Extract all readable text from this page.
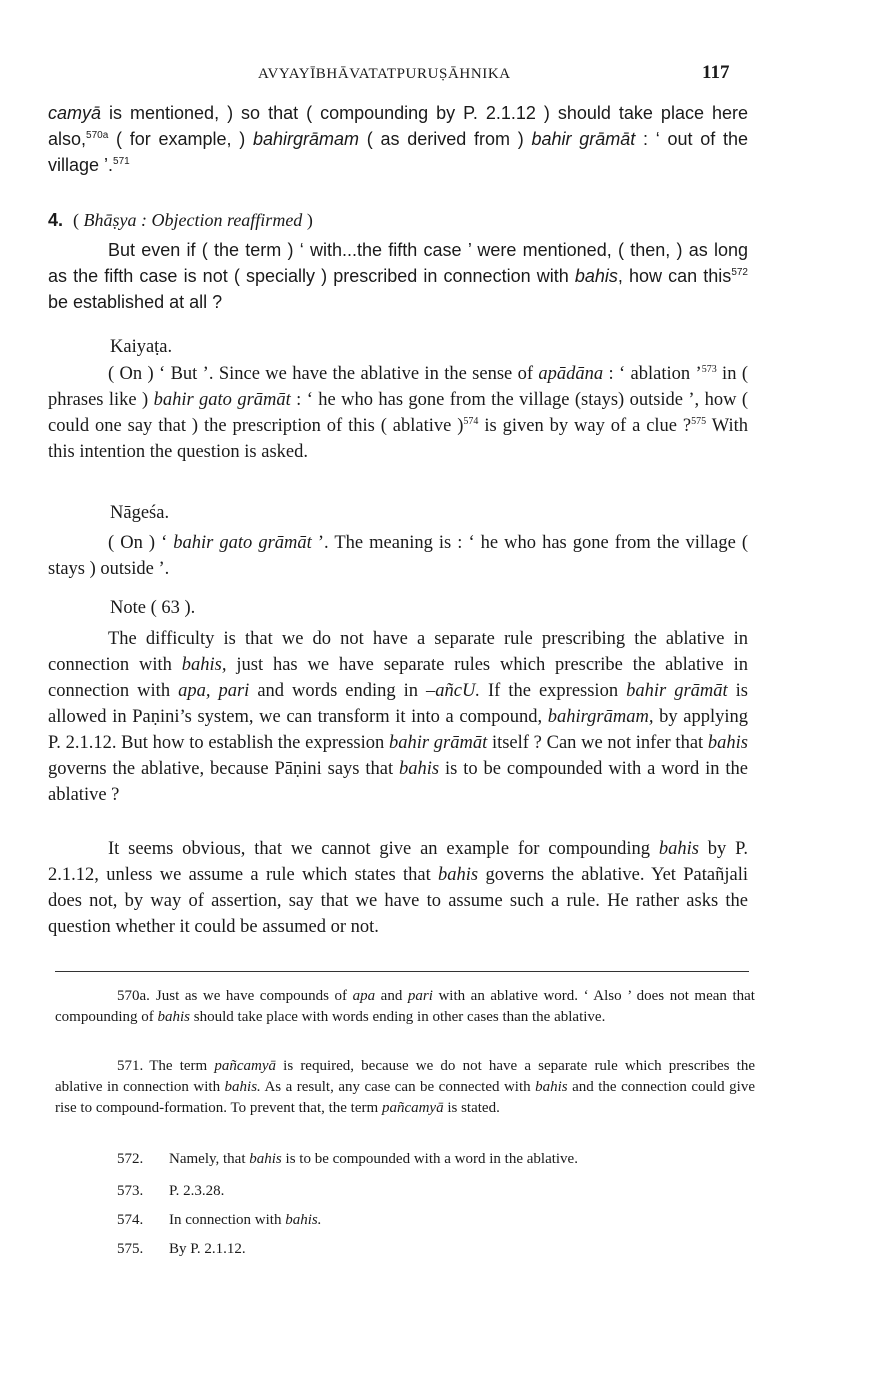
AVYAYĪBHĀVATATPURUṢĀHNIKA	117

camyā is mentioned, ) so that ( compounding by P. 2.1.12 ) should take place here also,$^{570a}$ ( for example, ) bahirgrāmam ( as derived from ) bahir grāmāt : ‘ out of the village ’.$^{571}$

4. ( Bhāṣya : Objection reaffirmed )

But even if ( the term ) ‘ with...the fifth case ’ were mentioned, ( then, ) as long as the fifth case is not ( specially ) prescribed in connection with bahis, how can this$^{572}$ be established at all ?

Kaiyaṭa.

( On ) ‘ But ’. Since we have the ablative in the sense of apādāna : ‘ ablation ’$^{573}$ in ( phrases like ) bahir gato grāmāt : ‘ he who has gone from the village (stays) outside ’, how ( could one say that ) the prescription of this ( ablative )$^{574}$ is given by way of a clue ?$^{575}$ With this intention the question is asked.

Nāgeśa.

( On ) ‘ bahir gato grāmāt ’. The meaning is : ‘ he who has gone from the village ( stays ) outside ’.

Note ( 63 ).

The difficulty is that we do not have a separate rule prescribing the ablative in connection with bahis, just has we have separate rules which prescribe the ablative in connection with apa, pari and words ending in –añcU. If the expression bahir grāmāt is allowed in Paṇini’s system, we can transform it into a compound, bahirgrāmam, by applying P. 2.1.12. But how to establish the expression bahir grāmāt itself ? Can we not infer that bahis governs the ablative, because Pāṇini says that bahis is to be compounded with a word in the ablative ?

It seems obvious, that we cannot give an example for compounding bahis by P. 2.1.12, unless we assume a rule which states that bahis governs the ablative. Yet Patañjali does not, by way of assertion, say that we have to assume such a rule. He rather asks the question whether it could be assumed or not.

570a. Just as we have compounds of apa and pari with an ablative word. ‘ Also ’ does not mean that compounding of bahis should take place with words ending in other cases than the ablative.

571. The term pañcamyā is required, because we do not have a separate rule which prescribes the ablative in connection with bahis. As a result, any case can be connected with bahis and the connection could give rise to compound-formation. To prevent that, the term pañcamyā is stated.

572. Namely, that bahis is to be compounded with a word in the ablative.
573. P. 2.3.28.
574. In connection with bahis.
575. By P. 2.1.12.
